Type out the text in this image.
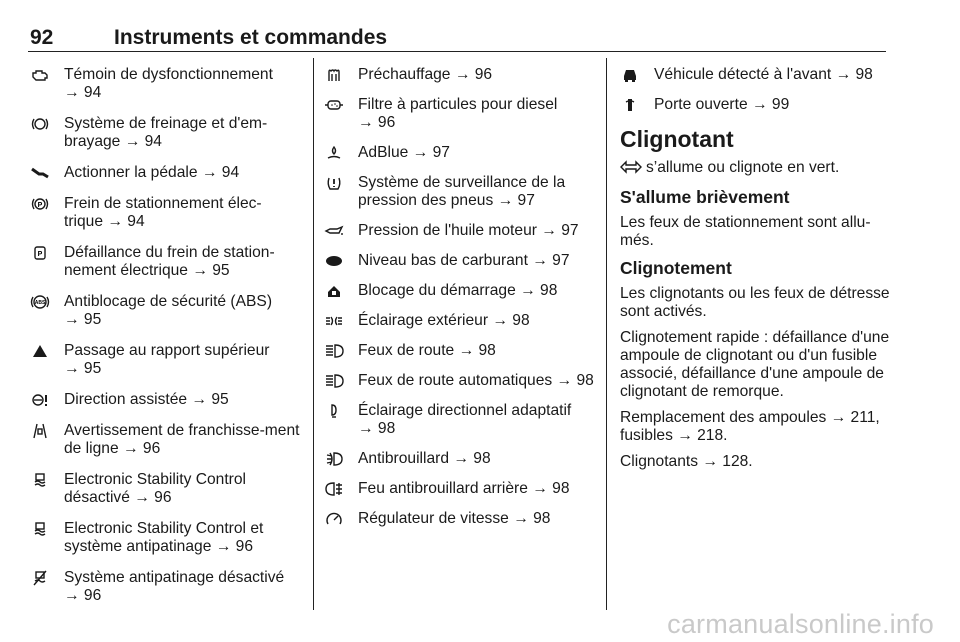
92	Instruments et commandes
Témoin de dysfonctionnement → 94
Système de freinage et d'em-brayage → 94
Actionner la pédale → 94
P Frein de stationnement élec-trique → 94
P Défaillance du frein de station-nement électrique → 95
ABS Antiblocage de sécurité (ABS) → 95
Passage au rapport supérieur → 95
Direction assistée → 95
Avertissement de franchisse-ment de ligne → 96
Electronic Stability Control désactivé → 96
Electronic Stability Control et système antipatinage → 96
Système antipatinage désactivé → 96
Préchauffage → 96
Filtre à particules pour diesel → 96
AdBlue → 97
Système de surveillance de la pression des pneus → 97
Pression de l'huile moteur → 97
Niveau bas de carburant → 97
Blocage du démarrage → 98
Éclairage extérieur → 98
Feux de route → 98
Feux de route automatiques → 98
Éclairage directionnel adaptatif → 98
Antibrouillard → 98
Feu antibrouillard arrière → 98
Régulateur de vitesse → 98
Véhicule détecté à l'avant → 98
Porte ouverte → 99
Clignotant
s’allume ou clignote en vert.
S'allume brièvement
Les feux de stationnement sont allu-més.
Clignotement
Les clignotants ou les feux de détresse sont activés.
Clignotement rapide : défaillance d'une ampoule de clignotant ou d'un fusible associé, défaillance d'une ampoule de clignotant de remorque.
Remplacement des ampoules → 211, fusibles → 218.
Clignotants → 128.
carmanualsonline.info
